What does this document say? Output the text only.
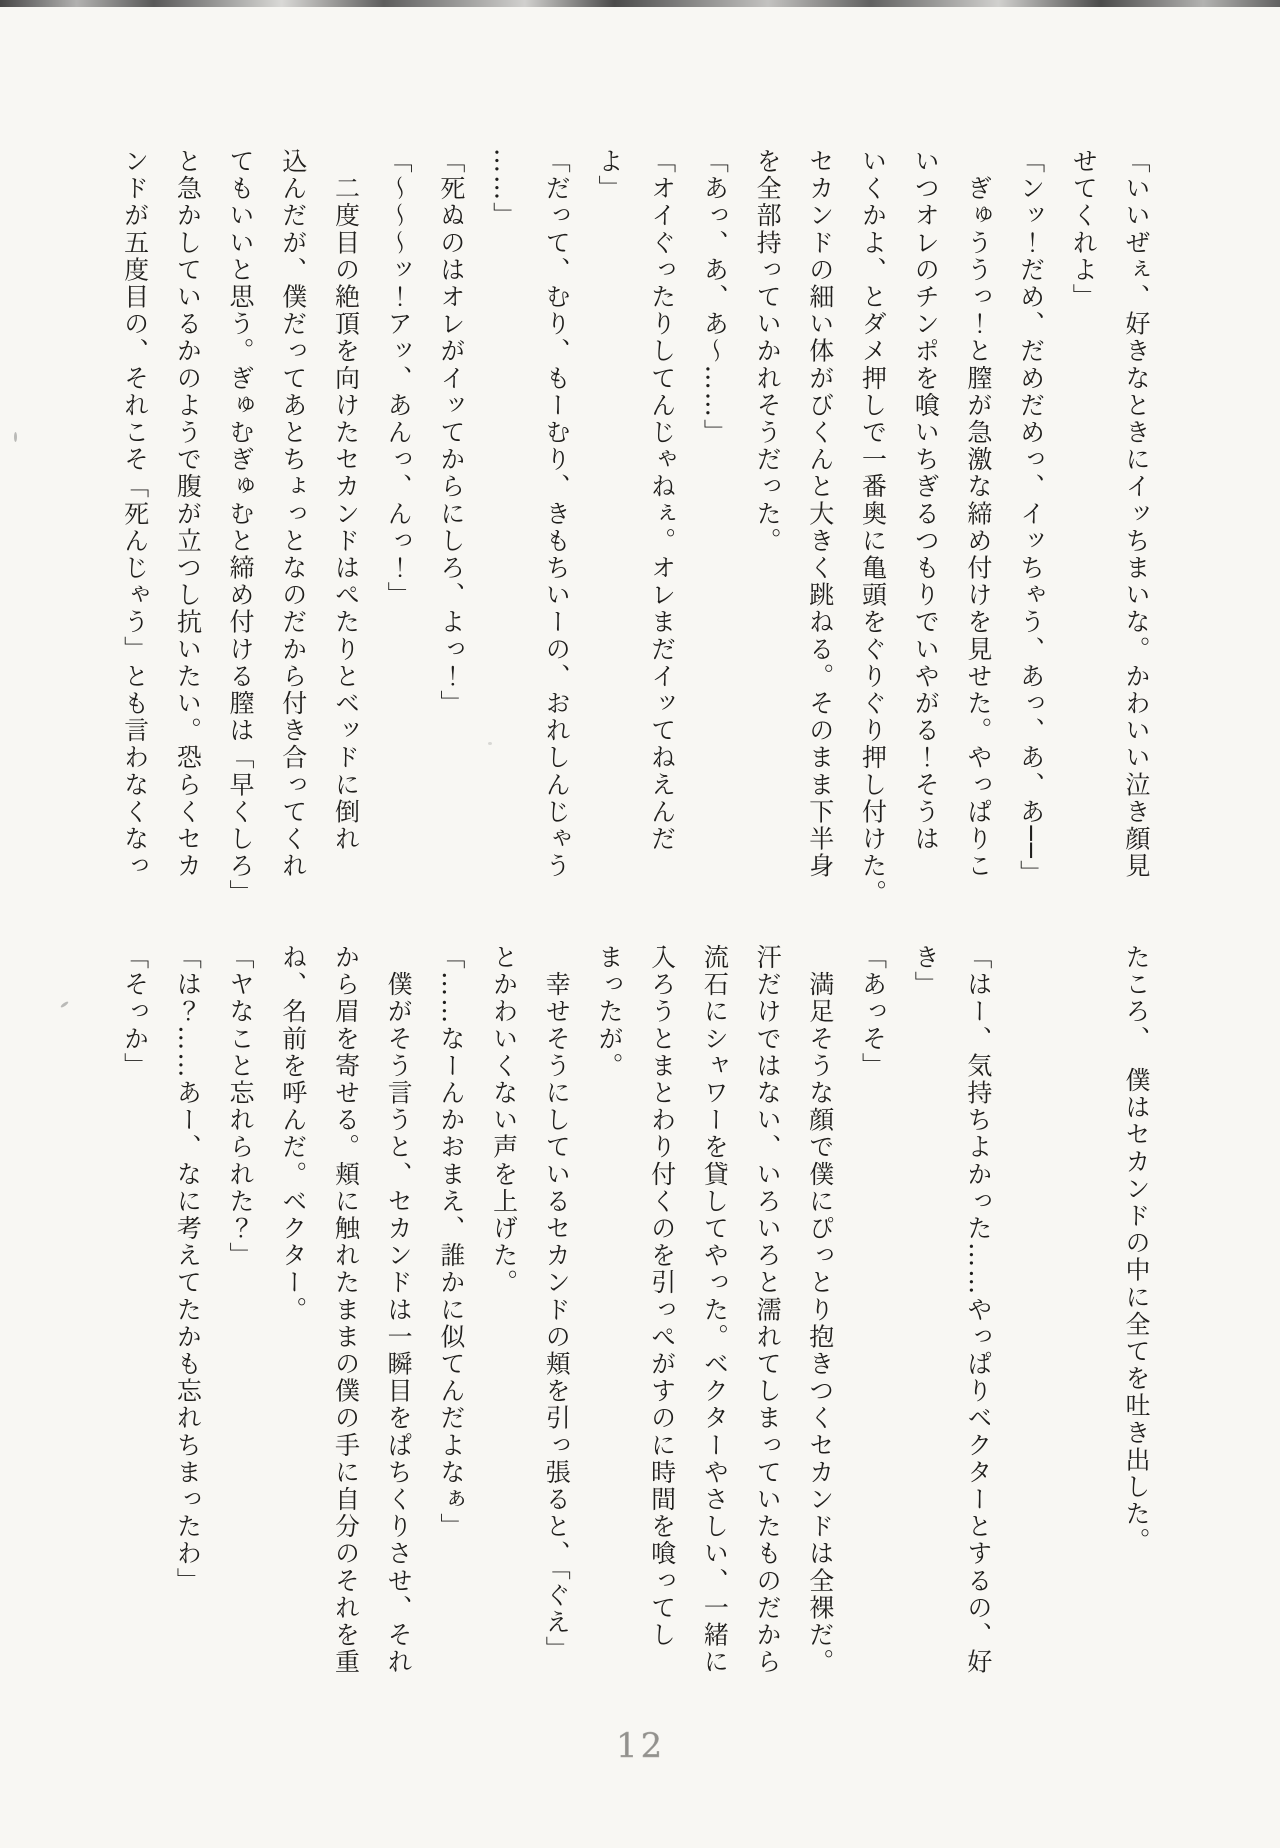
「いいぜぇ、好きなときにイッちまいな。かわいい泣き顔見

せてくれよ」

「ンッ！だめ、だめだめっ、イッちゃう、あっ、あ、あ──」

　ぎゅううっ！と膣が急激な締め付けを見せた。やっぱりこ

いつオレのチンポを喰いちぎるつもりでいやがる！そうは

いくかよ、とダメ押しで一番奥に亀頭をぐりぐり押し付けた。

セカンドの細い体がびくんと大きく跳ねる。そのまま下半身

を全部持っていかれそうだった。

「あっ、あ、あ～……」

「オイぐったりしてんじゃねぇ。オレまだイッてねえんだ

よ」

「だって、むり、もーむり、きもちいーの、おれしんじゃう

……」

「死ぬのはオレがイッてからにしろ、よっ！」

「～～～ッ！アッ、あんっ、んっ！」

　二度目の絶頂を向けたセカンドはぺたりとベッドに倒れ

込んだが、僕だってあとちょっとなのだから付き合ってくれ

てもいいと思う。ぎゅむぎゅむと締め付ける膣は「早くしろ」

と急かしているかのようで腹が立つし抗いたい。恐らくセカ

ンドが五度目の、それこそ「死んじゃう」とも言わなくなっ

たころ、　僕はセカンドの中に全てを吐き出した。

「はー、気持ちよかった……やっぱりベクターとするの、好

き」

「あっそ」

　満足そうな顔で僕にぴっとり抱きつくセカンドは全裸だ。

汗だけではない、いろいろと濡れてしまっていたものだから

流石にシャワーを貸してやった。ベクターやさしい、一緒に

入ろうとまとわり付くのを引っぺがすのに時間を喰ってし

まったが。

　幸せそうにしているセカンドの頬を引っ張ると、「ぐえ」

とかわいくない声を上げた。

「……なーんかおまえ、誰かに似てんだよなぁ」

　僕がそう言うと、セカンドは一瞬目をぱちくりさせ、それ

から眉を寄せる。頬に触れたままの僕の手に自分のそれを重

ね、名前を呼んだ。ベクター。

「ヤなこと忘れられた？」

「は？……あー、なに考えてたかも忘れちまったわ」

「そっか」

12
